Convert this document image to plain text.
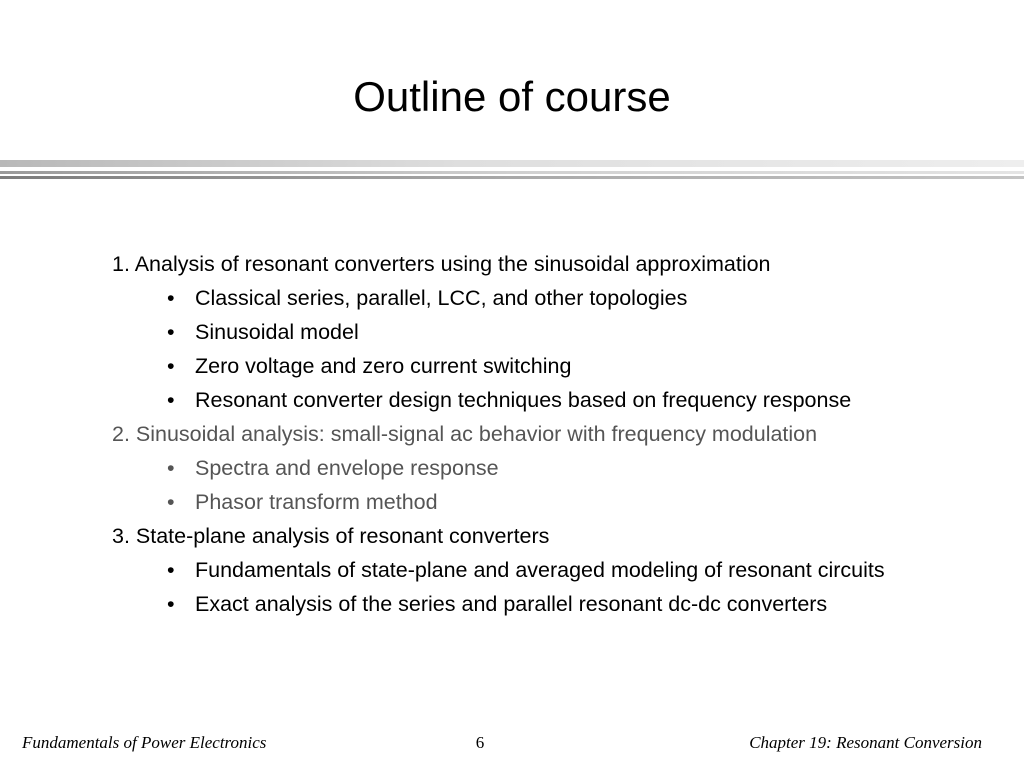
Outline of course
1. Analysis of resonant converters using the sinusoidal approximation
• Classical series, parallel, LCC, and other topologies
• Sinusoidal model
• Zero voltage and zero current switching
• Resonant converter design techniques based on frequency response
2. Sinusoidal analysis: small-signal ac behavior with frequency modulation
• Spectra and envelope response
• Phasor transform method
3. State-plane analysis of resonant converters
• Fundamentals of state-plane and averaged modeling of resonant circuits
• Exact analysis of the series and parallel resonant dc-dc converters
Fundamentals of Power Electronics	6	Chapter 19: Resonant Conversion
